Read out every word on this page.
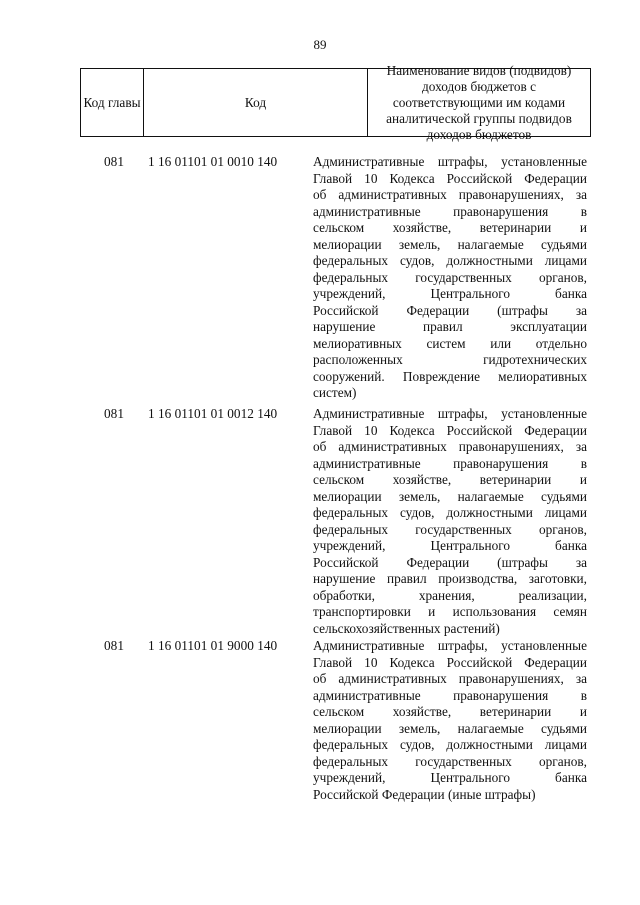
89
Код главы	Код
Наименование видов (подвидов) доходов бюджетов с соответствующими им кодами аналитической группы подвидов доходов бюджетов
081	1 16 01101 01 0010 140	Административные штрафы, установленные
Главой 10 Кодекса Российской Федерации
об административных правонарушениях, за
административные правонарушения в
сельском хозяйстве, ветеринарии и
мелиорации земель, налагаемые судьями
федеральных судов, должностными лицами
федеральных государственных органов,
учреждений, Центрального банка
Российской Федерации (штрафы за
нарушение правил эксплуатации
мелиоративных систем или отдельно
расположенных гидротехнических
сооружений. Повреждение мелиоративных
систем)
081	1 16 01101 01 0012 140	Административные штрафы, установленные
Главой 10 Кодекса Российской Федерации
об административных правонарушениях, за
административные правонарушения в
сельском хозяйстве, ветеринарии и
мелиорации земель, налагаемые судьями
федеральных судов, должностными лицами
федеральных государственных органов,
учреждений, Центрального банка
Российской Федерации (штрафы за
нарушение правил производства, заготовки,
обработки, хранения, реализации,
транспортировки и использования семян
сельскохозяйственных растений)
081	1 16 01101 01 9000 140	Административные штрафы, установленные
Главой 10 Кодекса Российской Федерации
об административных правонарушениях, за
административные правонарушения в
сельском хозяйстве, ветеринарии и
мелиорации земель, налагаемые судьями
федеральных судов, должностными лицами
федеральных государственных органов,
учреждений, Центрального банка
Российской Федерации (иные штрафы)
